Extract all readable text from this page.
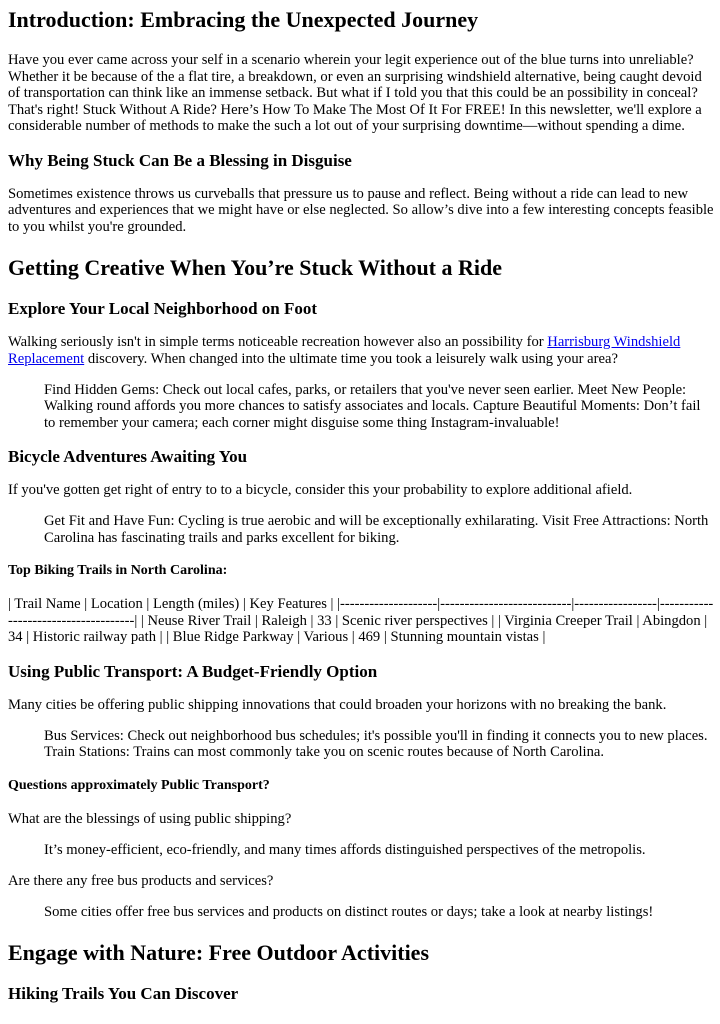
Introduction: Embracing the Unexpected Journey

Have you ever came across your self in a scenario wherein your legit experience out of the blue turns into unreliable? Whether it be because of the a flat tire, a breakdown, or even an surprising windshield alternative, being caught devoid of transportation can think like an immense setback. But what if I told you that this could be an possibility in conceal? That's right! Stuck Without A Ride? Here’s How To Make The Most Of It For FREE! In this newsletter, we'll explore a considerable number of methods to make the such a lot out of your surprising downtime—without spending a dime.

Why Being Stuck Can Be a Blessing in Disguise

Sometimes existence throws us curveballs that pressure us to pause and reflect. Being without a ride can lead to new adventures and experiences that we might have or else neglected. So allow’s dive into a few interesting concepts feasible to you whilst you're grounded.

Getting Creative When You’re Stuck Without a Ride
Explore Your Local Neighborhood on Foot

Walking seriously isn't in simple terms noticeable recreation however also an possibility for Harrisburg Windshield Replacement discovery. When changed into the ultimate time you took a leisurely walk using your area?

Find Hidden Gems: Check out local cafes, parks, or retailers that you've never seen earlier. Meet New People: Walking round affords you more chances to satisfy associates and locals. Capture Beautiful Moments: Don’t fail to remember your camera; each corner might disguise some thing Instagram-invaluable!
Bicycle Adventures Awaiting You

If you've gotten get right of entry to to a bicycle, consider this your probability to explore additional afield.

Get Fit and Have Fun: Cycling is true aerobic and will be exceptionally exhilarating. Visit Free Attractions: North Carolina has fascinating trails and parks excellent for biking.
Top Biking Trails in North Carolina:

| Trail Name | Location | Length (miles) | Key Features | |--------------------|---------------------------|-----------------|-------------------------------------| | Neuse River Trail | Raleigh | 33 | Scenic river perspectives | | Virginia Creeper Trail | Abingdon | 34 | Historic railway path | | Blue Ridge Parkway | Various | 469 | Stunning mountain vistas |

Using Public Transport: A Budget-Friendly Option

Many cities be offering public shipping innovations that could broaden your horizons with no breaking the bank.

Bus Services: Check out neighborhood bus schedules; it's possible you'll in finding it connects you to new places. Train Stations: Trains can most commonly take you on scenic routes because of North Carolina.
Questions approximately Public Transport?

What are the blessings of using public shipping?

It’s money-efficient, eco-friendly, and many times affords distinguished perspectives of the metropolis.

Are there any free bus products and services?

Some cities offer free bus services and products on distinct routes or days; take a look at nearby listings!
Engage with Nature: Free Outdoor Activities
Hiking Trails You Can Discover
